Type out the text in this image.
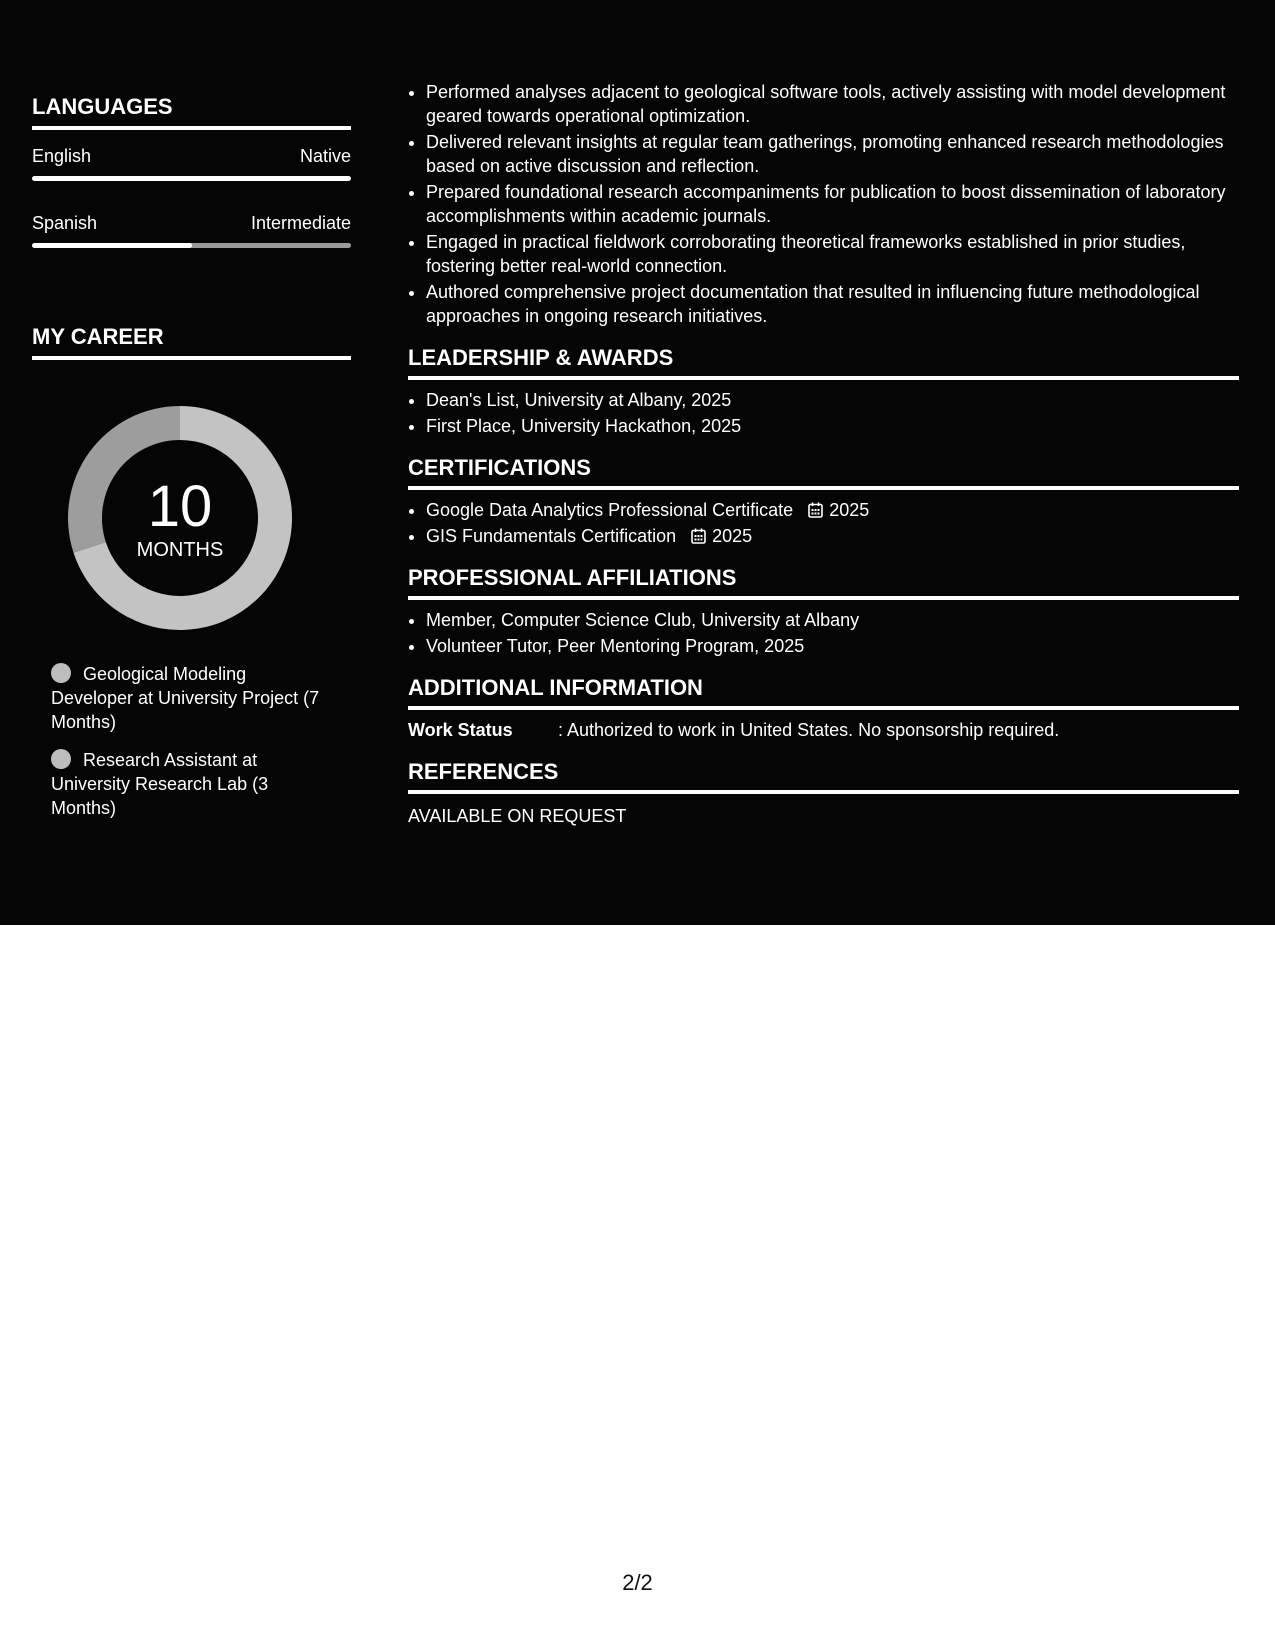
LANGUAGES
English	Native
Spanish	Intermediate
MY CAREER
10
MONTHS
Geological Modeling Developer at University Project (7 Months)
Research Assistant at University Research Lab (3 Months)
• Performed analyses adjacent to geological software tools, actively assisting with model development geared towards operational optimization.
• Delivered relevant insights at regular team gatherings, promoting enhanced research methodologies based on active discussion and reflection.
• Prepared foundational research accompaniments for publication to boost dissemination of laboratory accomplishments within academic journals.
• Engaged in practical fieldwork corroborating theoretical frameworks established in prior studies, fostering better real-world connection.
• Authored comprehensive project documentation that resulted in influencing future methodological approaches in ongoing research initiatives.
LEADERSHIP & AWARDS
• Dean's List, University at Albany, 2025
• First Place, University Hackathon, 2025
CERTIFICATIONS
• Google Data Analytics Professional Certificate 2025
• GIS Fundamentals Certification 2025
PROFESSIONAL AFFILIATIONS
• Member, Computer Science Club, University at Albany
• Volunteer Tutor, Peer Mentoring Program, 2025
ADDITIONAL INFORMATION
Work Status	: Authorized to work in United States. No sponsorship required.
REFERENCES
AVAILABLE ON REQUEST
2/2
